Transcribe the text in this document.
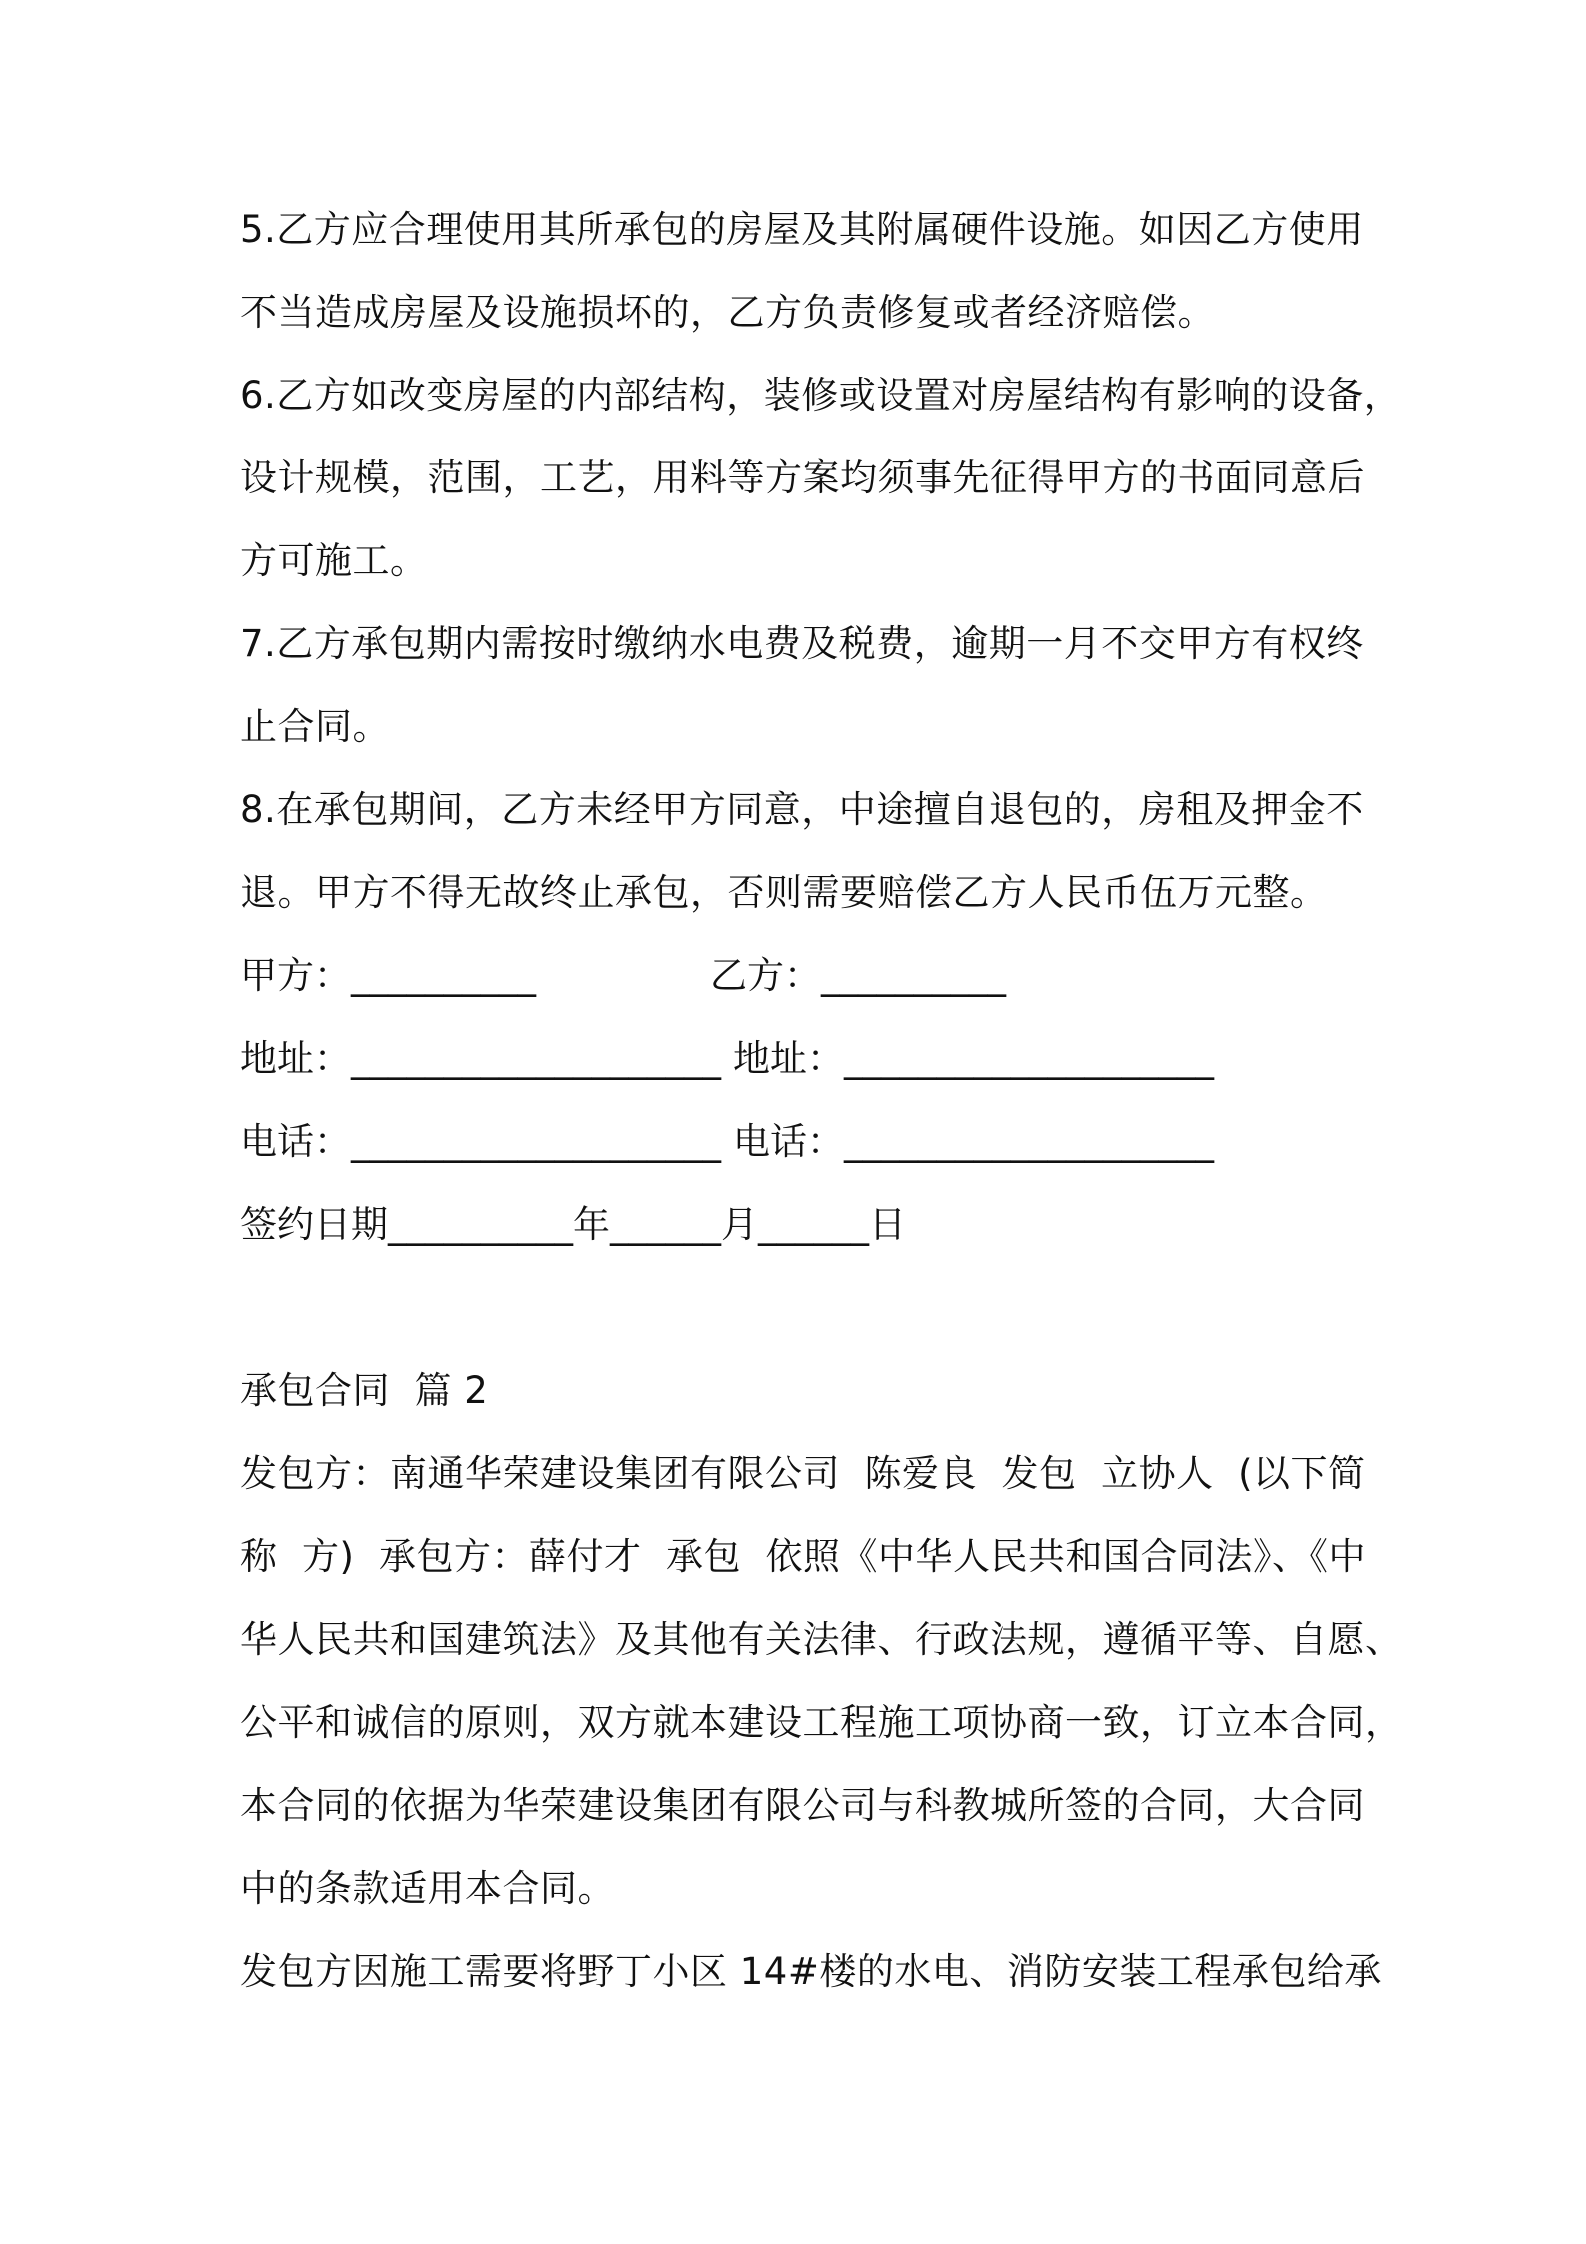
5.乙方应合理使用其所承包的房屋及其附属硬件设施。如因乙方使用
不当造成房屋及设施损坏的，乙方负责修复或者经济赔偿。
6.乙方如改变房屋的内部结构，装修或设置对房屋结构有影响的设备，
设计规模，范围，工艺，用料等方案均须事先征得甲方的书面同意后
方可施工。
7.乙方承包期内需按时缴纳水电费及税费，逾期一月不交甲方有权终
止合同。
8.在承包期间，乙方未经甲方同意，中途擅自退包的，房租及押金不
退。甲方不得无故终止承包，否则需要赔偿乙方人民币伍万元整。
甲方：__________	乙方：__________
地址：____________________ 地址：____________________
电话：____________________ 电话：____________________
签约日期__________年______月______日
承包合同  篇 2
发包方：南通华荣建设集团有限公司  陈爱良  发包  立协人  (以下简
称  方)  承包方：薛付才  承包  依照《中华人民共和国合同法》、《中
华人民共和国建筑法》及其他有关法律、行政法规，遵循平等、自愿、
公平和诚信的原则，双方就本建设工程施工项协商一致，订立本合同，
本合同的依据为华荣建设集团有限公司与科教城所签的合同，大合同
中的条款适用本合同。
发包方因施工需要将野丁小区 14#楼的水电、消防安装工程承包给承
